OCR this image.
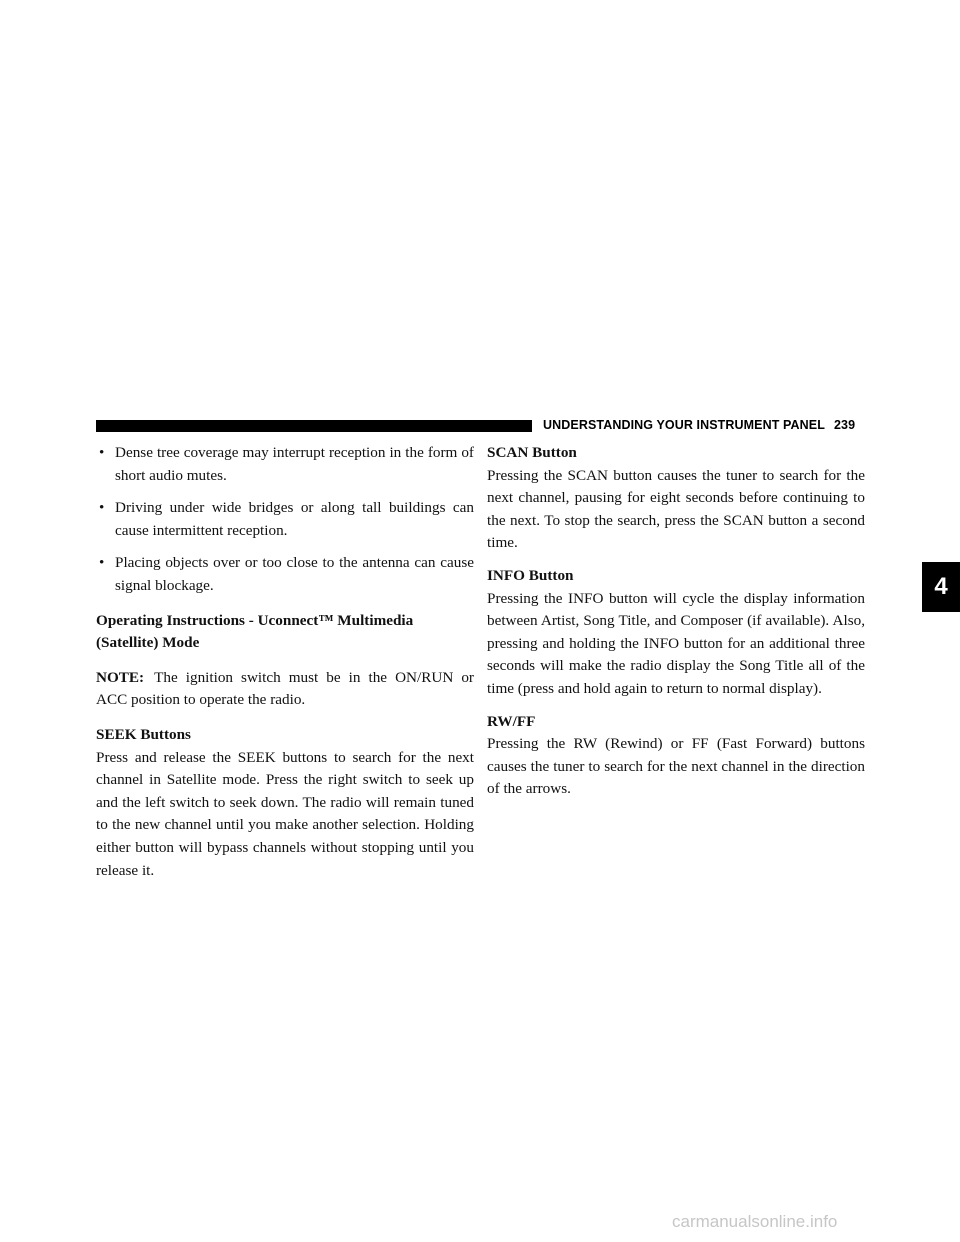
UNDERSTANDING YOUR INSTRUMENT PANEL 239
• Dense tree coverage may interrupt reception in the form of short audio mutes.
• Driving under wide bridges or along tall buildings can cause intermittent reception.
• Placing objects over or too close to the antenna can cause signal blockage.

Operating Instructions - Uconnect™ Multimedia
(Satellite) Mode

NOTE: The ignition switch must be in the ON/RUN or ACC position to operate the radio.

SEEK Buttons

Press and release the SEEK buttons to search for the next channel in Satellite mode. Press the right switch to seek up and the left switch to seek down. The radio will remain tuned to the new channel until you make another selection. Holding either button will bypass channels without stopping until you release it.

SCAN Button

Pressing the SCAN button causes the tuner to search for the next channel, pausing for eight seconds before continuing to the next. To stop the search, press the SCAN button a second time.

INFO Button

Pressing the INFO button will cycle the display information between Artist, Song Title, and Composer (if available). Also, pressing and holding the INFO button for an additional three seconds will make the radio display the Song Title all of the time (press and hold again to return to normal display).

RW/FF

Pressing the RW (Rewind) or FF (Fast Forward) buttons causes the tuner to search for the next channel in the direction of the arrows.

4
carmanualsonline.info
